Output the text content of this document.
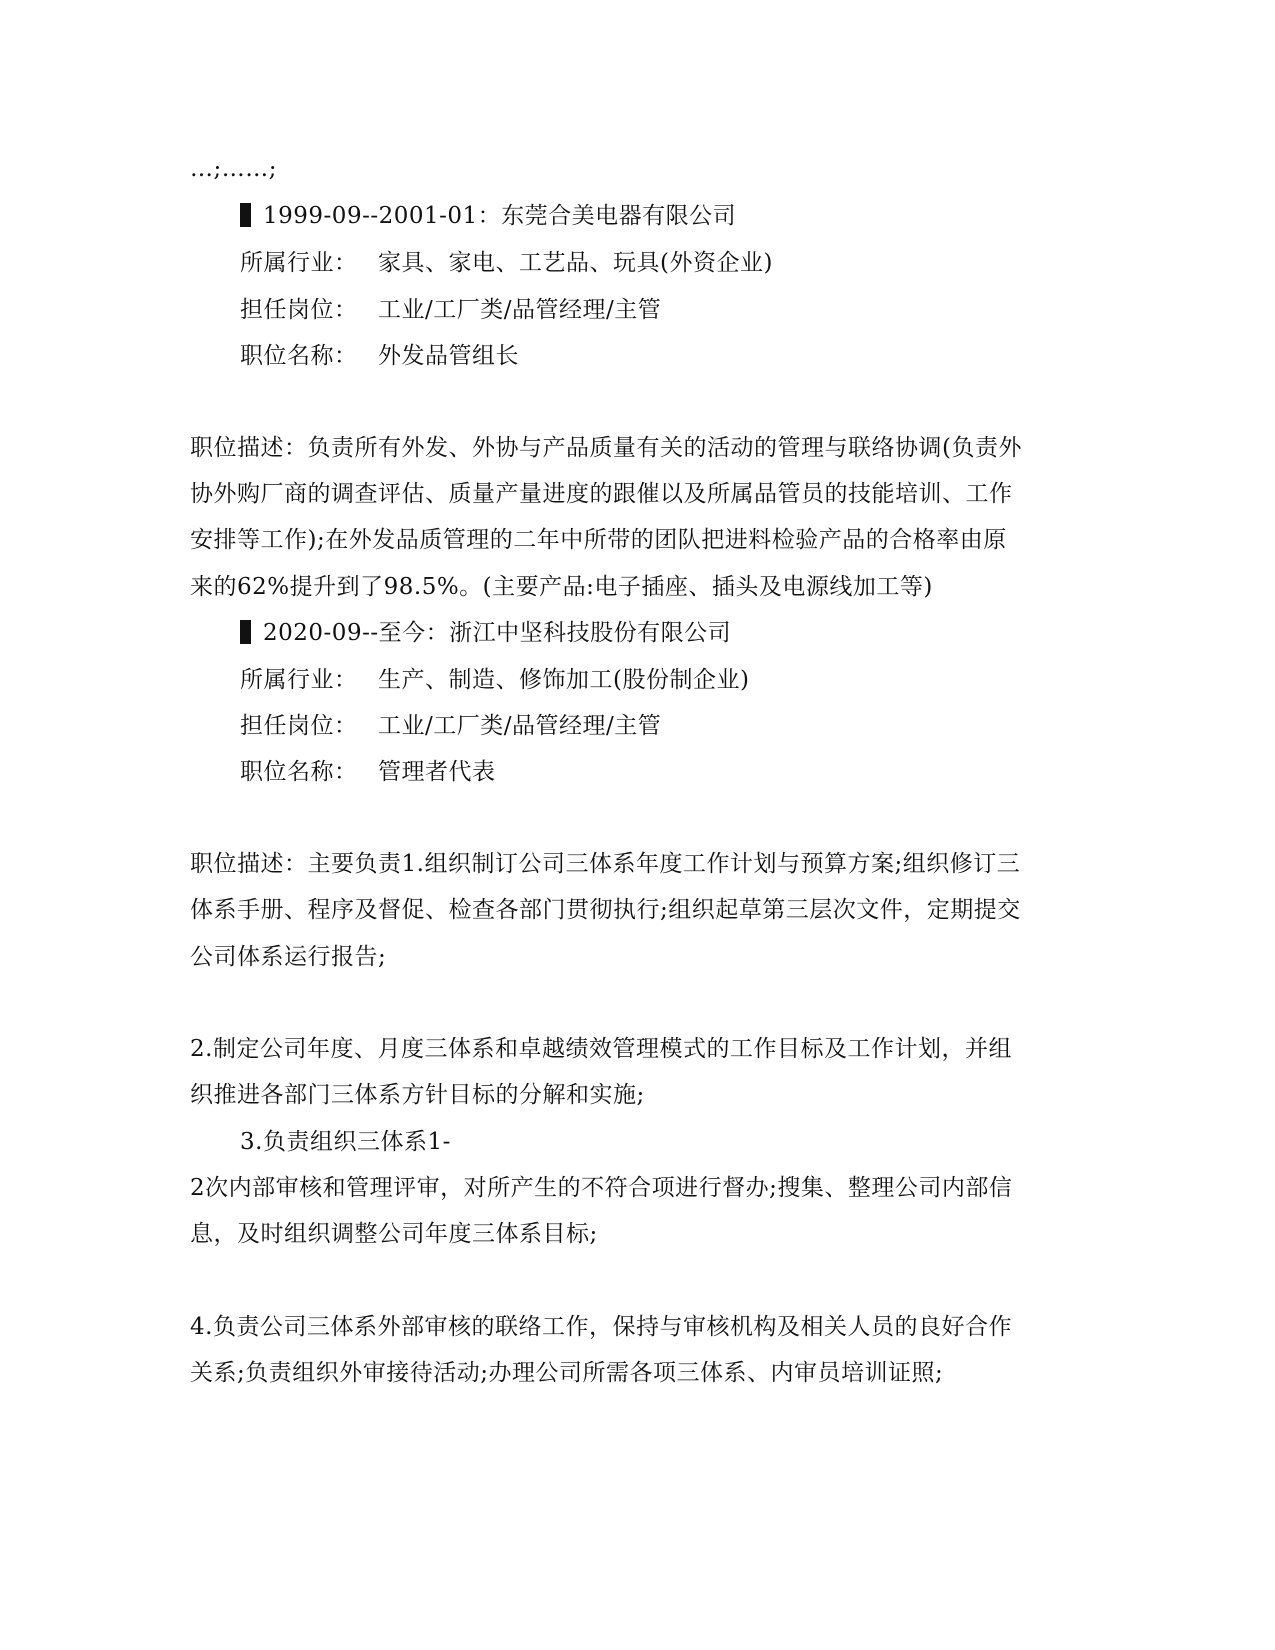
…;……;
1999-09--2001-01：东莞合美电器有限公司
所属行业： 家具、家电、工艺品、玩具(外资企业)
担任岗位： 工业/工厂类/品管经理/主管
职位名称： 外发品管组长
职位描述：负责所有外发、外协与产品质量有关的活动的管理与联络协调(负责外
协外购厂商的调查评估、质量产量进度的跟催以及所属品管员的技能培训、工作
安排等工作);在外发品质管理的二年中所带的团队把进料检验产品的合格率由原
来的62%提升到了98.5%。(主要产品:电子插座、插头及电源线加工等)
2020-09--至今：浙江中坚科技股份有限公司
所属行业： 生产、制造、修饰加工(股份制企业)
担任岗位： 工业/工厂类/品管经理/主管
职位名称： 管理者代表
职位描述：主要负责1.组织制订公司三体系年度工作计划与预算方案;组织修订三
体系手册、程序及督促、检查各部门贯彻执行;组织起草第三层次文件，定期提交
公司体系运行报告;
2.制定公司年度、月度三体系和卓越绩效管理模式的工作目标及工作计划，并组
织推进各部门三体系方针目标的分解和实施;
3.负责组织三体系1-
2次内部审核和管理评审，对所产生的不符合项进行督办;搜集、整理公司内部信
息，及时组织调整公司年度三体系目标;
4.负责公司三体系外部审核的联络工作，保持与审核机构及相关人员的良好合作
关系;负责组织外审接待活动;办理公司所需各项三体系、内审员培训证照;
